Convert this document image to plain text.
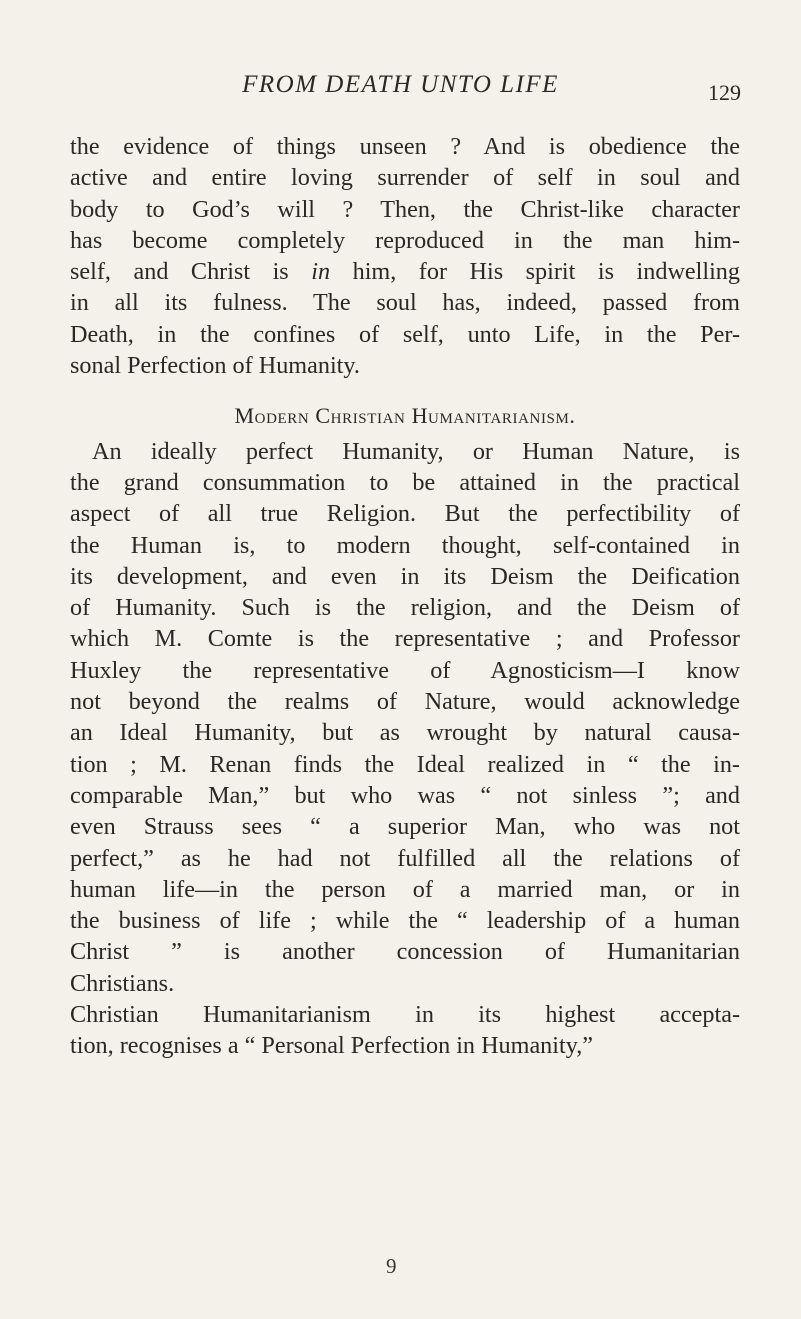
FROM DEATH UNTO LIFE	129
the evidence of things unseen ? And is obedience the
active and entire loving surrender of self in soul and
body to God’s will ? Then, the Christ-like character
has become completely reproduced in the man him-
self, and Christ is in him, for His spirit is indwelling
in all its fulness. The soul has, indeed, passed from
Death, in the confines of self, unto Life, in the Per-
sonal Perfection of Humanity.
Modern Christian Humanitarianism.
An ideally perfect Humanity, or Human Nature, is
the grand consummation to be attained in the practical
aspect of all true Religion. But the perfectibility of
the Human is, to modern thought, self-contained in
its development, and even in its Deism the Deification
of Humanity. Such is the religion, and the Deism of
which M. Comte is the representative ; and Professor
Huxley the representative of Agnosticism—I know
not beyond the realms of Nature, would acknowledge
an Ideal Humanity, but as wrought by natural causa-
tion ; M. Renan finds the Ideal realized in “ the in-
comparable Man,” but who was “ not sinless ”; and
even Strauss sees “ a superior Man, who was not
perfect,” as he had not fulfilled all the relations of
human life—in the person of a married man, or in
the business of life ; while the “ leadership of a human
Christ ” is another concession of Humanitarian
Christians.
Christian Humanitarianism in its highest accepta-
tion, recognises a “ Personal Perfection in Humanity,”
9
